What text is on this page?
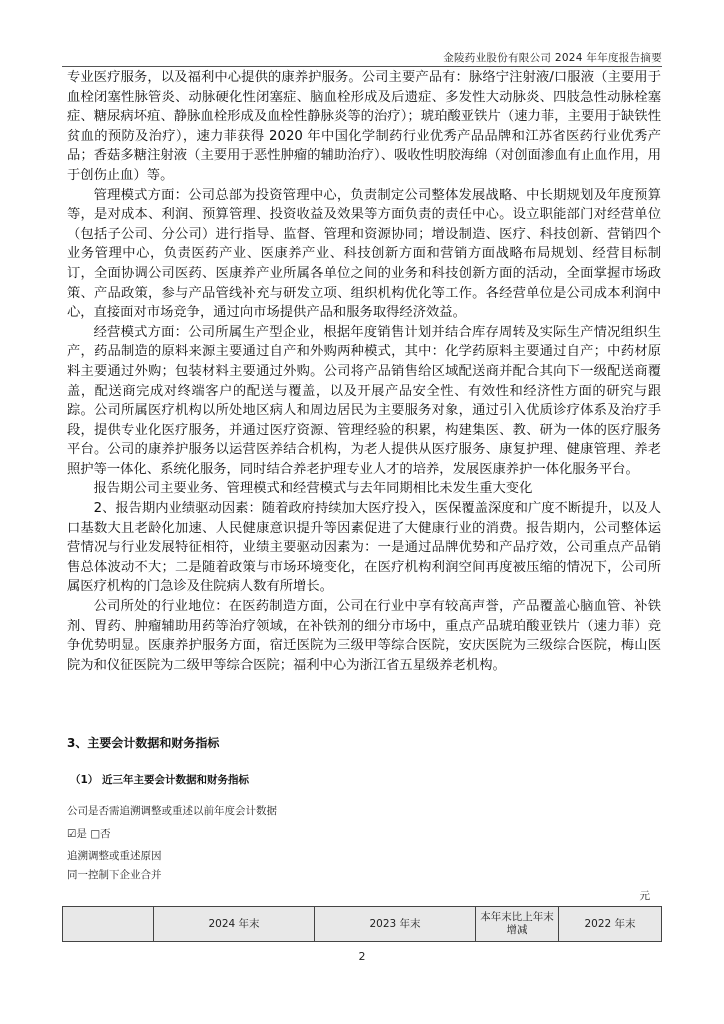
金陵药业股份有限公司 2024 年年度报告摘要

专业医疗服务，以及福利中心提供的康养护服务。公司主要产品有：脉络宁注射液/口服液（主要用于血栓闭塞性脉管炎、动脉硬化性闭塞症、脑血栓形成及后遗症、多发性大动脉炎、四肢急性动脉栓塞症、糖尿病坏疽、静脉血栓形成及血栓性静脉炎等的治疗）；琥珀酸亚铁片（速力菲，主要用于缺铁性贫血的预防及治疗），速力菲获得 2020 年中国化学制药行业优秀产品品牌和江苏省医药行业优秀产品；香菇多糖注射液（主要用于恶性肿瘤的辅助治疗）、吸收性明胶海绵（对创面渗血有止血作用，用于创伤止血）等。

管理模式方面：公司总部为投资管理中心，负责制定公司整体发展战略、中长期规划及年度预算等，是对成本、利润、预算管理、投资收益及效果等方面负责的责任中心。设立职能部门对经营单位（包括子公司、分公司）进行指导、监督、管理和资源协同；增设制造、医疗、科技创新、营销四个业务管理中心，负责医药产业、医康养产业、科技创新方面和营销方面战略布局规划、经营目标制订，全面协调公司医药、医康养产业所属各单位之间的业务和科技创新方面的活动，全面掌握市场政策、产品政策，参与产品管线补充与研发立项、组织机构优化等工作。各经营单位是公司成本利润中心，直接面对市场竞争，通过向市场提供产品和服务取得经济效益。

经营模式方面：公司所属生产型企业，根据年度销售计划并结合库存周转及实际生产情况组织生产，药品制造的原料来源主要通过自产和外购两种模式，其中：化学药原料主要通过自产；中药材原料主要通过外购；包装材料主要通过外购。公司将产品销售给区域配送商并配合其向下一级配送商覆盖，配送商完成对终端客户的配送与覆盖，以及开展产品安全性、有效性和经济性方面的研究与跟踪。公司所属医疗机构以所处地区病人和周边居民为主要服务对象，通过引入优质诊疗体系及治疗手段，提供专业化医疗服务，并通过医疗资源、管理经验的积累，构建集医、教、研为一体的医疗服务平台。公司的康养护服务以运营医养结合机构，为老人提供从医疗服务、康复护理、健康管理、养老照护等一体化、系统化服务，同时结合养老护理专业人才的培养，发展医康养护一体化服务平台。

报告期公司主要业务、管理模式和经营模式与去年同期相比未发生重大变化

2、报告期内业绩驱动因素：随着政府持续加大医疗投入，医保覆盖深度和广度不断提升，以及人口基数大且老龄化加速、人民健康意识提升等因素促进了大健康行业的消费。报告期内，公司整体运营情况与行业发展特征相符，业绩主要驱动因素为：一是通过品牌优势和产品疗效，公司重点产品销售总体波动不大；二是随着政策与市场环境变化，在医疗机构利润空间再度被压缩的情况下，公司所属医疗机构的门急诊及住院病人数有所增长。

公司所处的行业地位：在医药制造方面，公司在行业中享有较高声誉，产品覆盖心脑血管、补铁剂、胃药、肿瘤辅助用药等治疗领域，在补铁剂的细分市场中，重点产品琥珀酸亚铁片（速力菲）竞争优势明显。医康养护服务方面，宿迁医院为三级甲等综合医院，安庆医院为三级综合医院，梅山医院为和仪征医院为二级甲等综合医院；福利中心为浙江省五星级养老机构。

3、主要会计数据和财务指标
（1） 近三年主要会计数据和财务指标
公司是否需追溯调整或重述以前年度会计数据
☑是 □否
追溯调整或重述原因
同一控制下企业合并
元
	2024 年末	2023 年末	本年末比上年末增减	2022 年末
2
